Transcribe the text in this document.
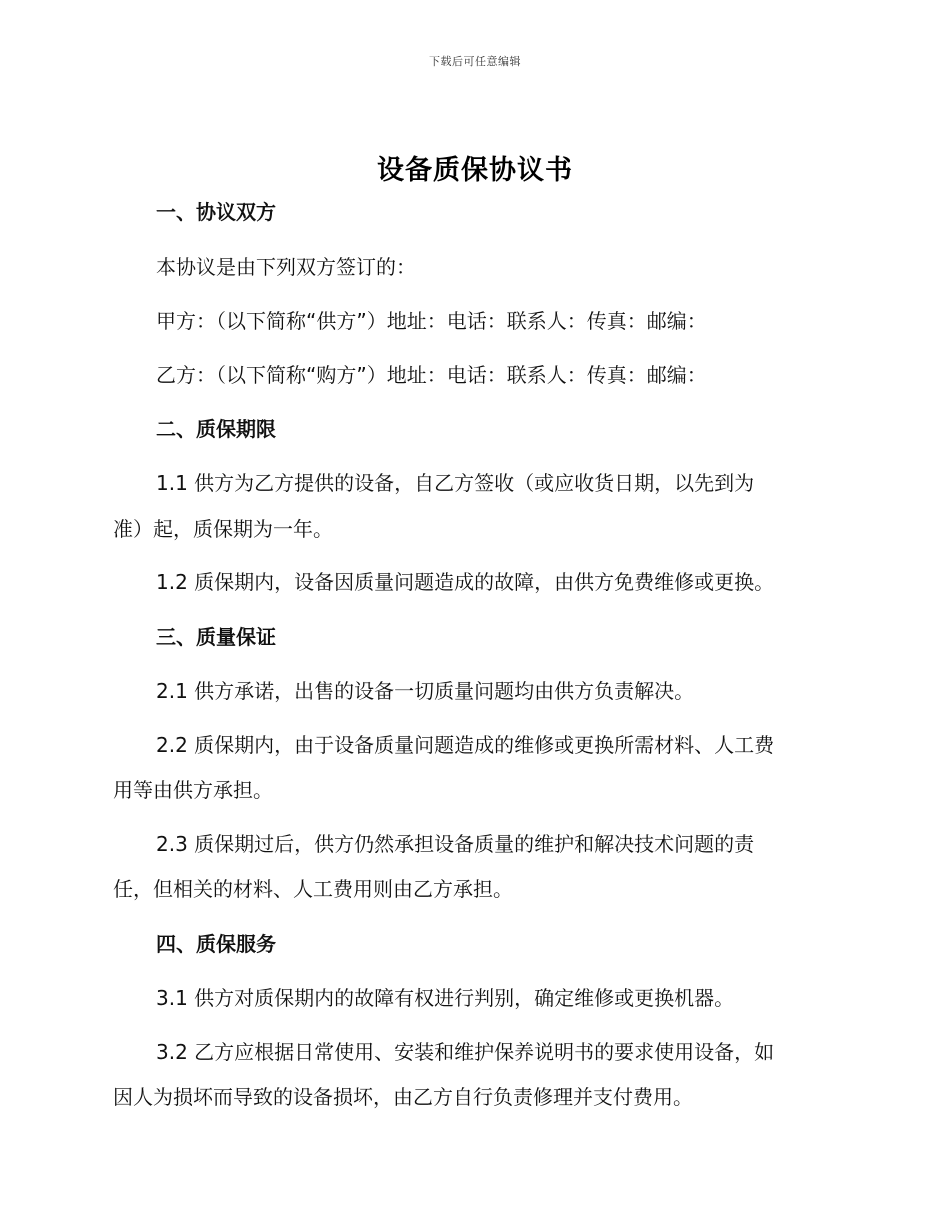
下载后可任意编辑
设备质保协议书
一、协议双方
本协议是由下列双方签订的：
甲方：（以下简称“供方”）地址：电话：联系人：传真：邮编：
乙方：（以下简称“购方”）地址：电话：联系人：传真：邮编：
二、质保期限
1.1 供方为乙方提供的设备，自乙方签收（或应收货日期，以先到为
准）起，质保期为一年。
1.2 质保期内，设备因质量问题造成的故障，由供方免费维修或更换。
三、质量保证
2.1 供方承诺，出售的设备一切质量问题均由供方负责解决。
2.2 质保期内，由于设备质量问题造成的维修或更换所需材料、人工费
用等由供方承担。
2.3 质保期过后，供方仍然承担设备质量的维护和解决技术问题的责
任，但相关的材料、人工费用则由乙方承担。
四、质保服务
3.1 供方对质保期内的故障有权进行判别，确定维修或更换机器。
3.2 乙方应根据日常使用、安装和维护保养说明书的要求使用设备，如
因人为损坏而导致的设备损坏，由乙方自行负责修理并支付费用。
